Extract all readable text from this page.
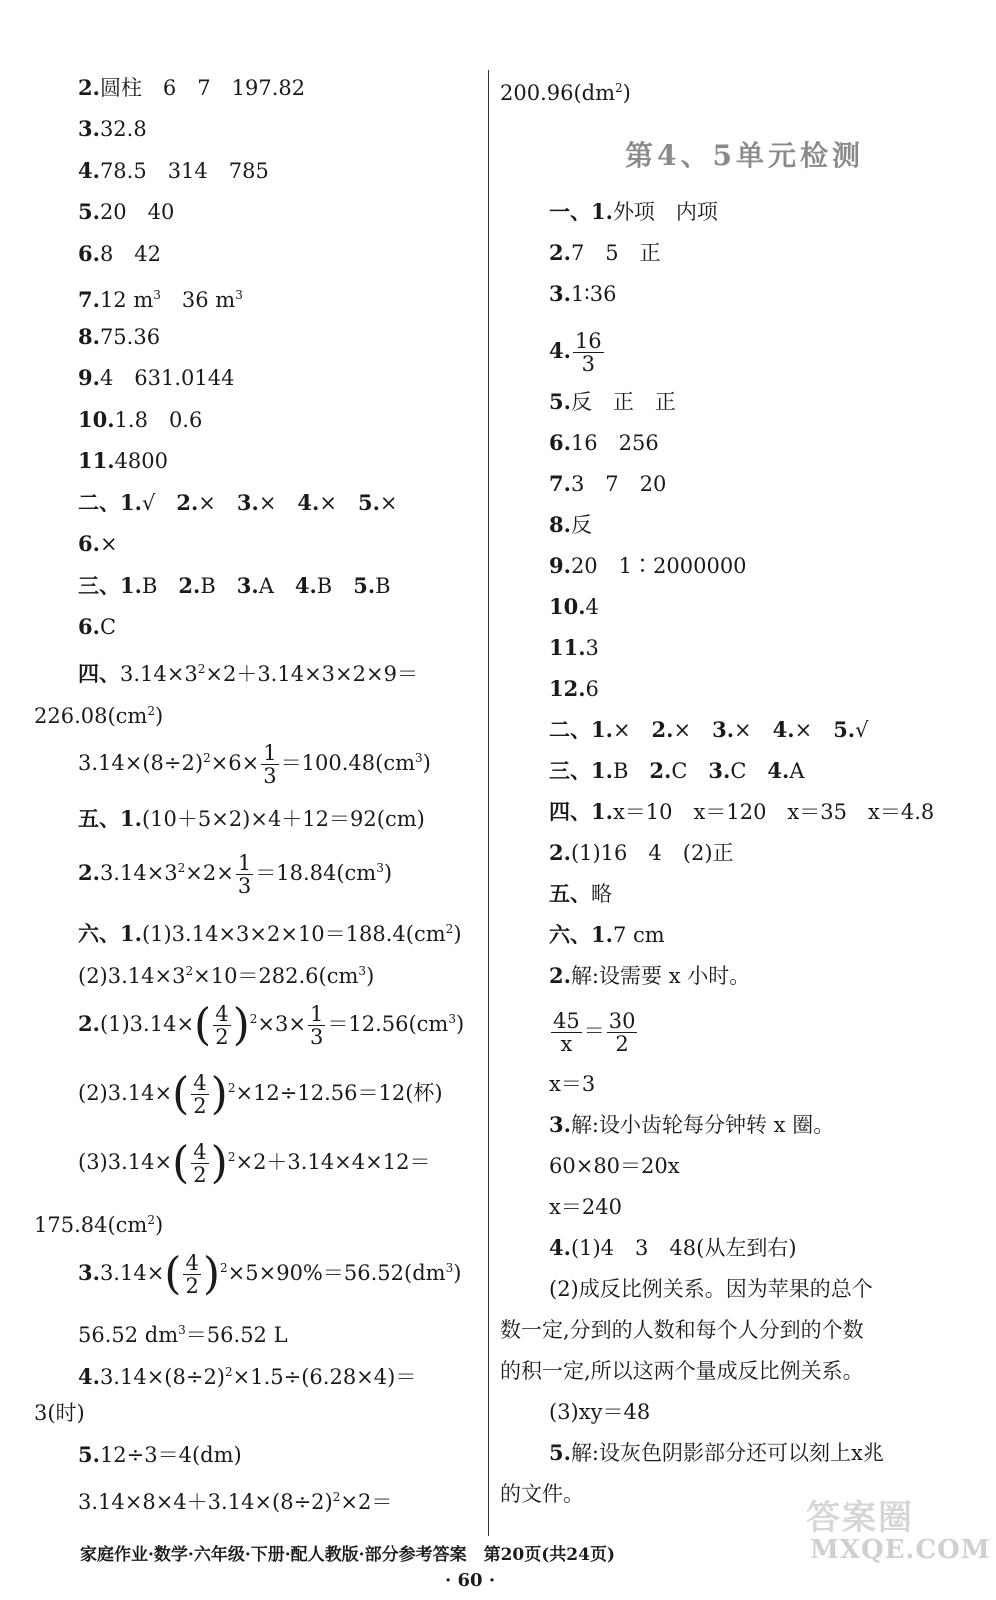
2.圆柱　6　7　197.82
3.32.8
4.78.5　314　785
5.20　40
6.8　42
7.12 $m^3$　36 $m^3$
8.75.36
9.4　631.0144
10.1.8　0.6
11.4800
二、1.√　2.×　3.×　4.×　5.×
6.×
三、1.B　2.B　3.A　4.B　5.B
6.C
四、$3.14\times 3^2\times 2+3.14\times 3\times 2\times 9=$
$226.08(cm^2)$
$3.14\times(8\div 2)^2\times 6\times \frac{1}{3} =100.48(cm^3)$
五、1.(10＋5×2)×4＋12＝92(cm)
$2.3.14\times 3^2\times 2\times \frac{1}{3} =18.84(cm^3)$
六、$1.(1)3.14\times 3\times 2\times 10=188.4(cm^2)$
$(2)3.14\times 3^2\times 10=282.6(cm^3)$
$2.(1)3.14\times( \frac{4}{2} )^2\times 3\times \frac{1}{3} =12.56(cm^3)$
$(2)3.14\times( \frac{4}{2} )^2\times 12\div 12.56=12$(杯)
$(3)3.14\times( \frac{4}{2} )^2\times 2+3.14\times 4\times 12=$
$175.84(cm^2)$
$3.3.14\times( \frac{4}{2} )^2\times 5\times 90\%=56.52(dm^3)$
56.52 $dm^3=56.52$ L
$4.3.14\times(8\div 2)^2\times 1.5\div(6.28\times 4)=$
3(时)
5.12÷3＝4(dm)
$3.14\times 8\times 4+3.14\times(8\div 2)^2\times 2=$
$200.96(dm^2)$
第4、5单元检测
一、1.外项　内项
2.7　5　正
3.1∶36
4. $\frac{16}{3}$
5.反　正　正
6.16　256
7.3　7　20
8.反
9.20　1∶2000000
10.4
11.3
12.6
二、1.×　2.×　3.×　4.×　5.√
三、1.B　2.C　3.C　4.A
四、1.x＝10　x＝120　x＝35　x＝4.8
2.(1)16　4　(2)正
五、略
六、1.7 cm
2.解:设需要 x 小时。
$\frac{45}{x} = \frac{30}{2}$
x＝3
3.解:设小齿轮每分钟转 x 圈。
60×80＝20x
x＝240
4.(1)4　3　48(从左到右)
(2)成反比例关系。因为苹果的总个
数一定,分到的人数和每个人分到的个数
的积一定,所以这两个量成反比例关系。
(3)xy＝48
5.解:设灰色阴影部分还可以刻上x兆
的文件。
答案圈
MXQE.COM
家庭作业·数学·六年级·下册·配人教版·部分参考答案　第20页(共24页)
· 60 ·
